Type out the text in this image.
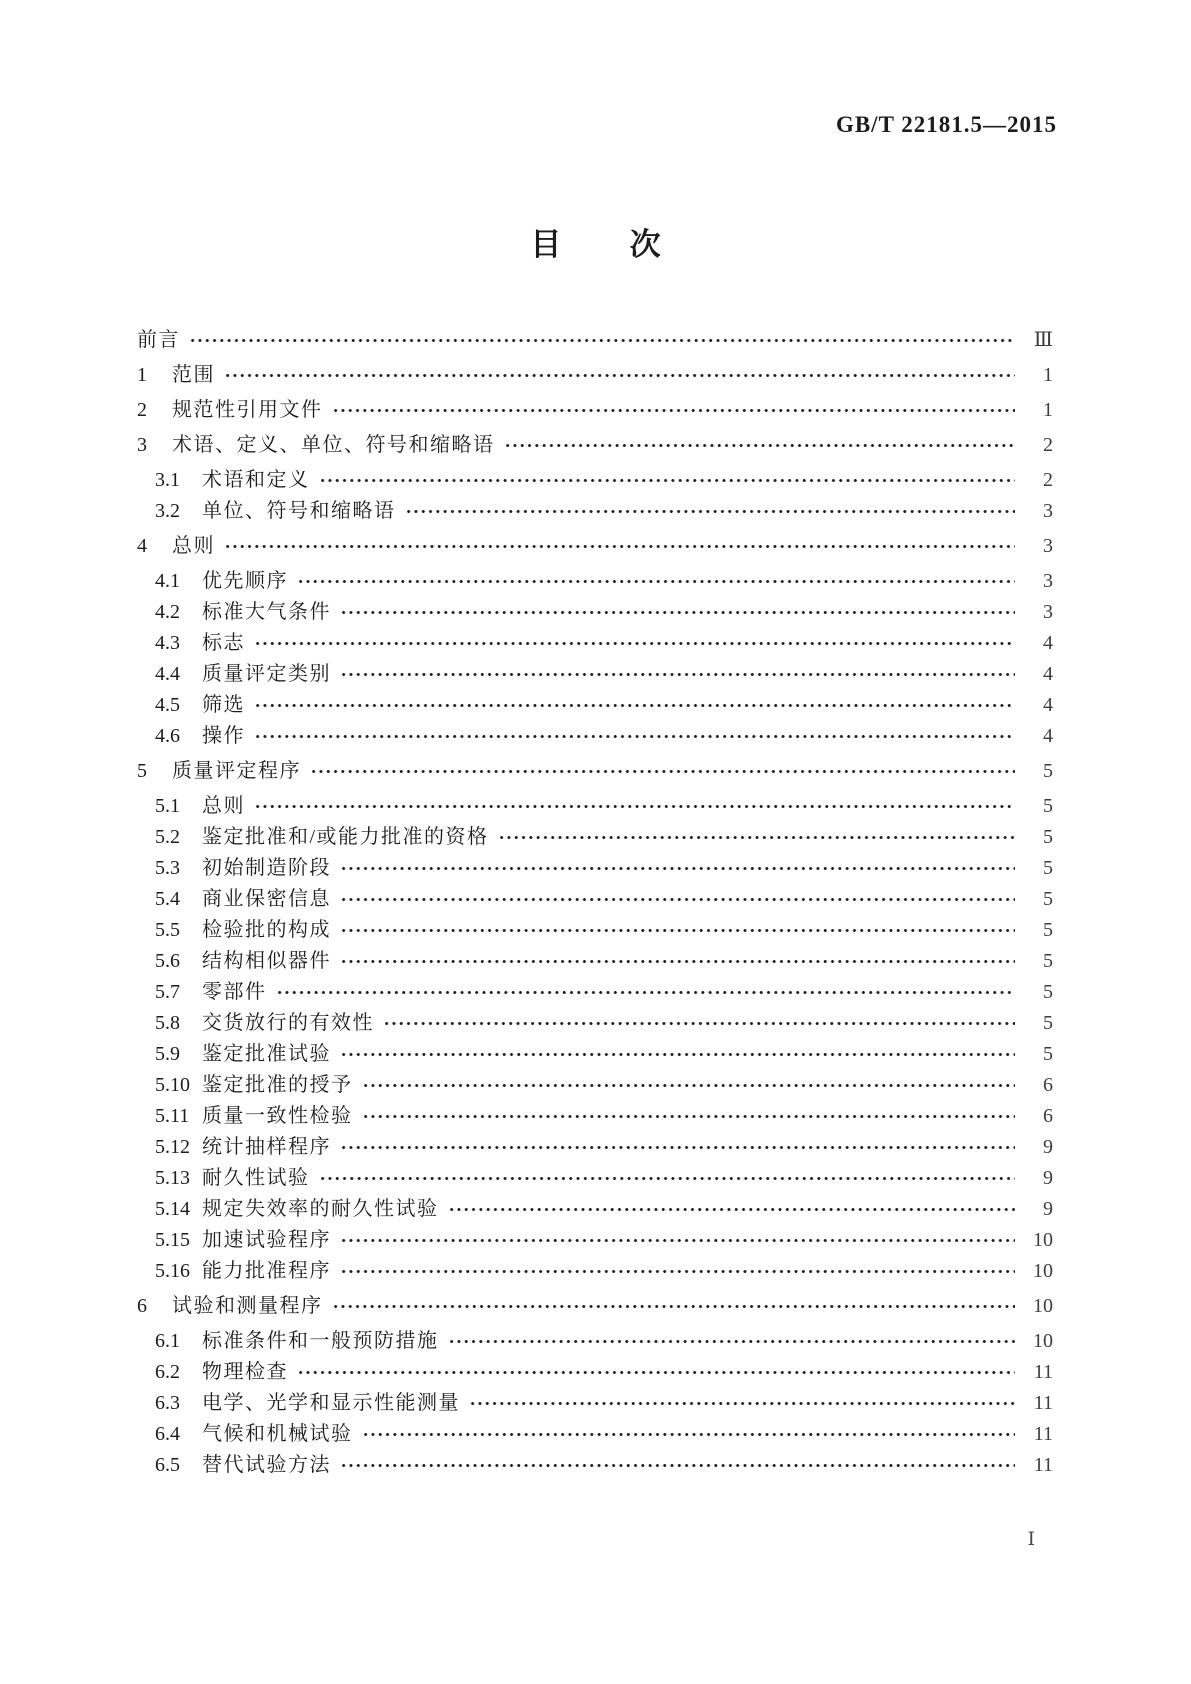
GB/T 22181.5—2015
目次
前言	Ⅲ
1	范围	1
2	规范性引用文件	1
3	术语、定义、单位、符号和缩略语	2
3.1	术语和定义	2
3.2	单位、符号和缩略语	3
4	总则	3
4.1	优先顺序	3
4.2	标准大气条件	3
4.3	标志	4
4.4	质量评定类别	4
4.5	筛选	4
4.6	操作	4
5	质量评定程序	5
5.1	总则	5
5.2	鉴定批准和/或能力批准的资格	5
5.3	初始制造阶段	5
5.4	商业保密信息	5
5.5	检验批的构成	5
5.6	结构相似器件	5
5.7	零部件	5
5.8	交货放行的有效性	5
5.9	鉴定批准试验	5
5.10 鉴定批准的授予	6
5.11 质量一致性检验	6
5.12 统计抽样程序	9
5.13 耐久性试验	9
5.14 规定失效率的耐久性试验	9
5.15 加速试验程序	10
5.16 能力批准程序	10
6	试验和测量程序	10
6.1	标准条件和一般预防措施	10
6.2	物理检查	11
6.3	电学、光学和显示性能测量	11
6.4	气候和机械试验	11
6.5	替代试验方法	11
Ⅰ
